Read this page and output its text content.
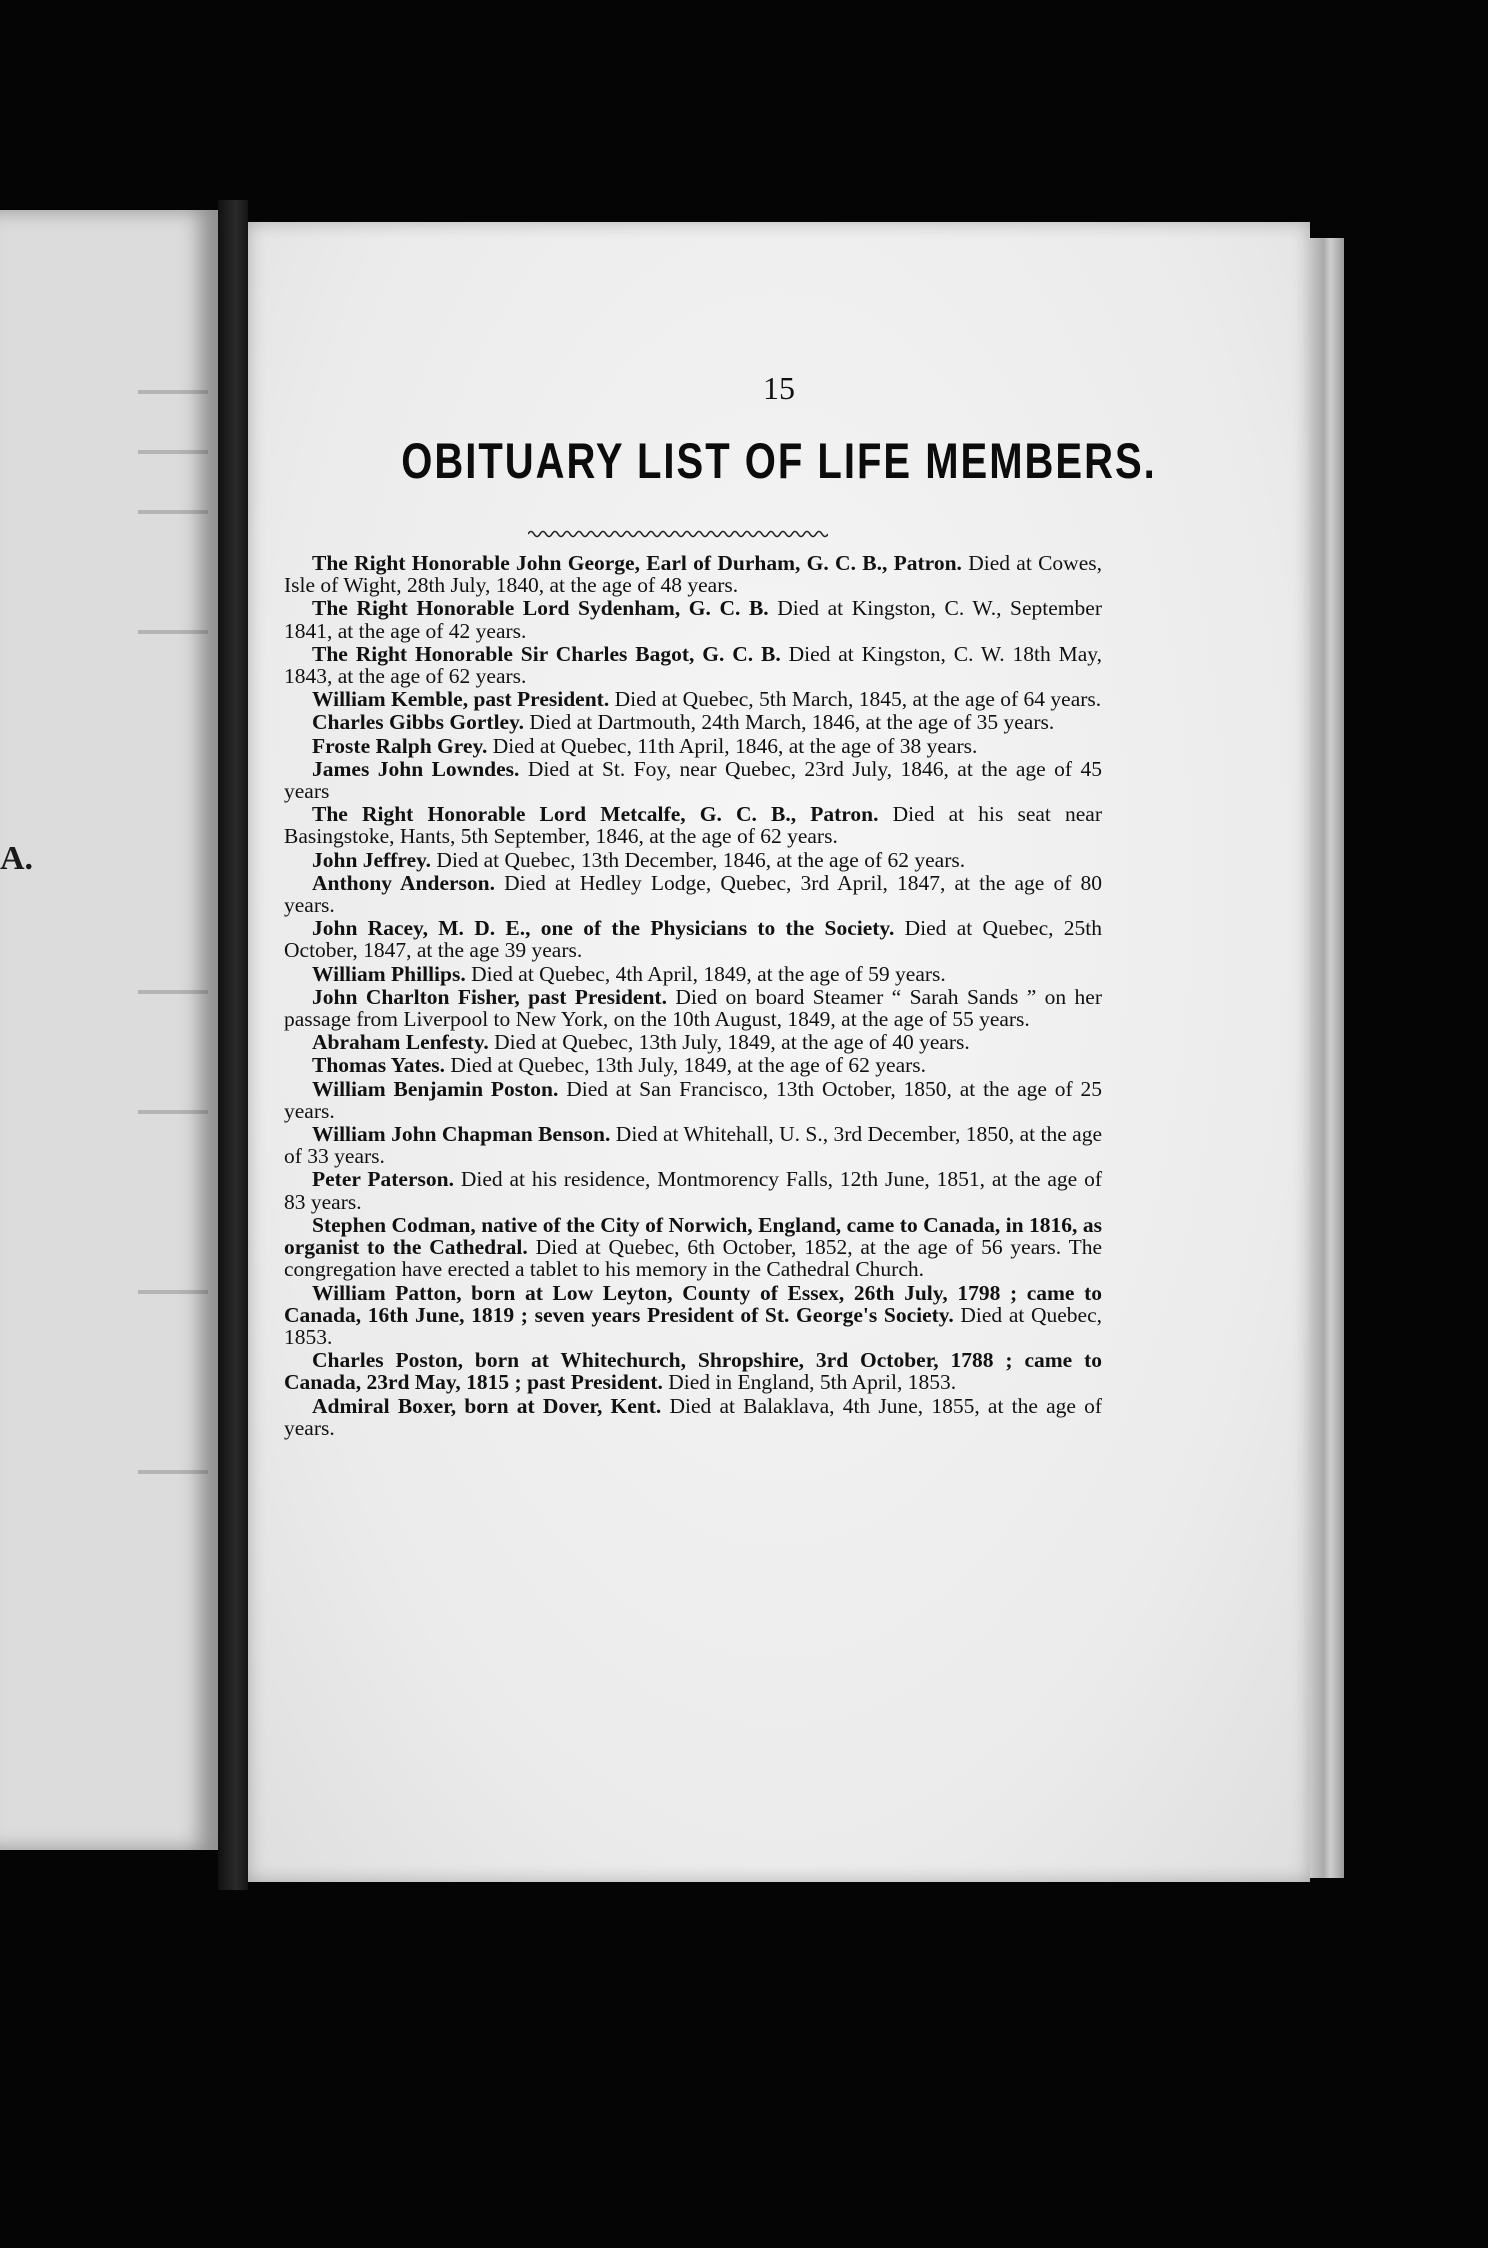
A.
15
OBITUARY LIST OF LIFE MEMBERS.

The Right Honorable John George, Earl of Durham, G. C. B., Patron. Died at Cowes, Isle of Wight, 28th July, 1840, at the age of 48 years.

The Right Honorable Lord Sydenham, G. C. B. Died at Kingston, C. W., September 1841, at the age of 42 years.

The Right Honorable Sir Charles Bagot, G. C. B. Died at Kingston, C. W. 18th May, 1843, at the age of 62 years.

William Kemble, past President. Died at Quebec, 5th March, 1845, at the age of 64 years.

Charles Gibbs Gortley. Died at Dartmouth, 24th March, 1846, at the age of 35 years.

Froste Ralph Grey. Died at Quebec, 11th April, 1846, at the age of 38 years.

James John Lowndes. Died at St. Foy, near Quebec, 23rd July, 1846, at the age of 45 years

The Right Honorable Lord Metcalfe, G. C. B., Patron. Died at his seat near Basingstoke, Hants, 5th September, 1846, at the age of 62 years.

John Jeffrey. Died at Quebec, 13th December, 1846, at the age of 62 years.

Anthony Anderson. Died at Hedley Lodge, Quebec, 3rd April, 1847, at the age of 80 years.

John Racey, M. D. E., one of the Physicians to the Society. Died at Quebec, 25th October, 1847, at the age 39 years.

William Phillips. Died at Quebec, 4th April, 1849, at the age of 59 years.

John Charlton Fisher, past President. Died on board Steamer “ Sarah Sands ” on her passage from Liverpool to New York, on the 10th August, 1849, at the age of 55 years.

Abraham Lenfesty. Died at Quebec, 13th July, 1849, at the age of 40 years.

Thomas Yates. Died at Quebec, 13th July, 1849, at the age of 62 years.

William Benjamin Poston. Died at San Francisco, 13th October, 1850, at the age of 25 years.

William John Chapman Benson. Died at Whitehall, U. S., 3rd December, 1850, at the age of 33 years.

Peter Paterson. Died at his residence, Montmorency Falls, 12th June, 1851, at the age of 83 years.

Stephen Codman, native of the City of Norwich, England, came to Canada, in 1816, as organist to the Cathedral. Died at Quebec, 6th October, 1852, at the age of 56 years. The congregation have erected a tablet to his memory in the Cathedral Church.

William Patton, born at Low Leyton, County of Essex, 26th July, 1798 ; came to Canada, 16th June, 1819 ; seven years President of St. George's Society. Died at Quebec, 1853.

Charles Poston, born at Whitechurch, Shropshire, 3rd October, 1788 ; came to Canada, 23rd May, 1815 ; past President. Died in England, 5th April, 1853.

Admiral Boxer, born at Dover, Kent. Died at Balaklava, 4th June, 1855, at the age of years.
